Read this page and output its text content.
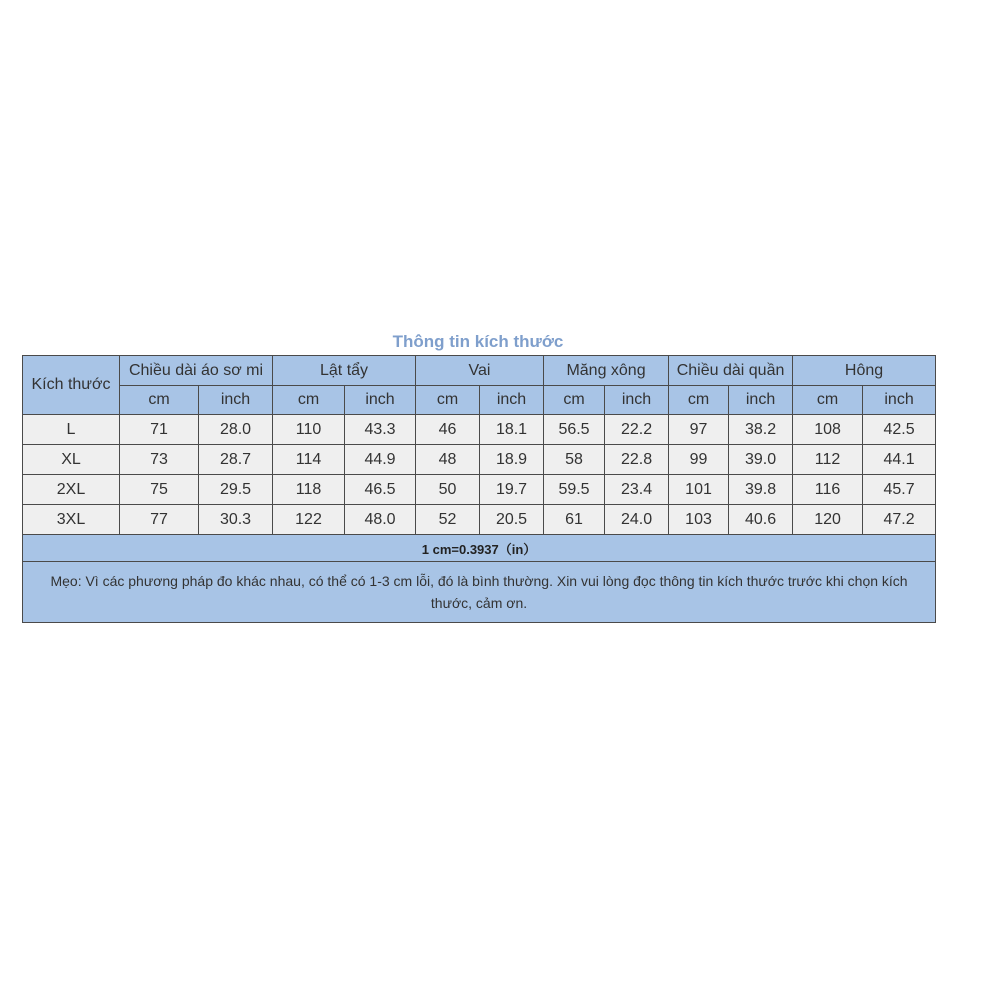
Thông tin kích thước
Kích thước	Chiều dài áo sơ mi		Lật tẩy		Vai		Măng xông		Chiều dài quần		Hông	
	cm	inch	cm	inch	cm	inch	cm	inch	cm	inch	cm	inch
L	71	28.0	110	43.3	46	18.1	56.5	22.2	97	38.2	108	42.5
XL	73	28.7	114	44.9	48	18.9	58	22.8	99	39.0	112	44.1
2XL	75	29.5	118	46.5	50	19.7	59.5	23.4	101	39.8	116	45.7
3XL	77	30.3	122	48.0	52	20.5	61	24.0	103	40.6	120	47.2
1 cm=0.3937（in）												
Mẹo: Vì các phương pháp đo khác nhau, có thể có 1-3 cm lỗi, đó là bình thường. Xin vui lòng đọc thông tin kích thước trước khi chọn kích thước, cảm ơn.												
